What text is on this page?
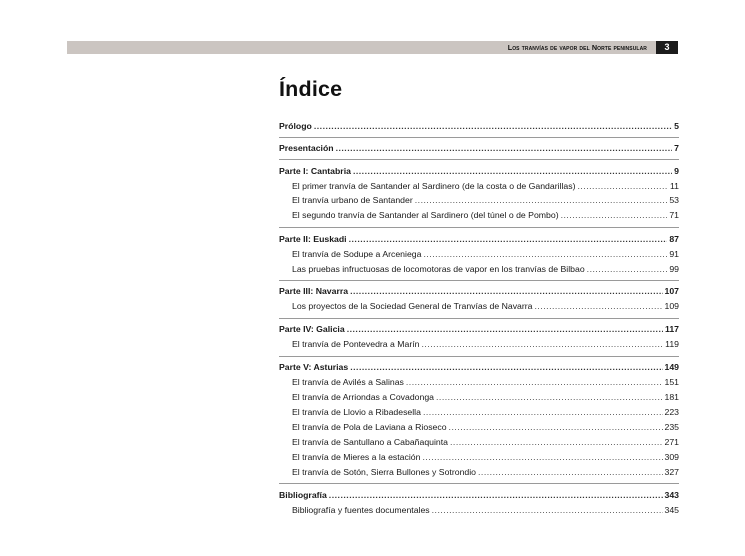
Los tranvías de vapor del Norte peninsular	3
Índice
Prólogo .....	5
Presentación .....	7
Parte I: Cantabria .....	9
El primer tranvía de Santander al Sardinero (de la costa o de Gandarillas) .....	11
El tranvía urbano de Santander .....	53
El segundo tranvía de Santander al Sardinero (del túnel o de Pombo) .....	71
Parte II: Euskadi .....	87
El tranvía de Sodupe a Arceniega .....	91
Las pruebas infructuosas de locomotoras de vapor en los tranvías de Bilbao .....	99
Parte III: Navarra .....	107
Los proyectos de la Sociedad General de Tranvías de Navarra .....	109
Parte IV: Galicia .....	117
El tranvía de Pontevedra a Marín .....	119
Parte V: Asturias .....	149
El tranvía de Avilés a Salinas .....	151
El tranvía de Arriondas a Covadonga .....	181
El tranvía de Llovio a Ribadesella .....	223
El tranvía de Pola de Laviana a Rioseco .....	235
El tranvía de Santullano a Cabañaquinta .....	271
El tranvía de Mieres a la estación .....	309
El tranvía de Sotón, Sierra Bullones y Sotrondio .....	327
Bibliografía .....	343
Bibliografía y fuentes documentales .....	345
